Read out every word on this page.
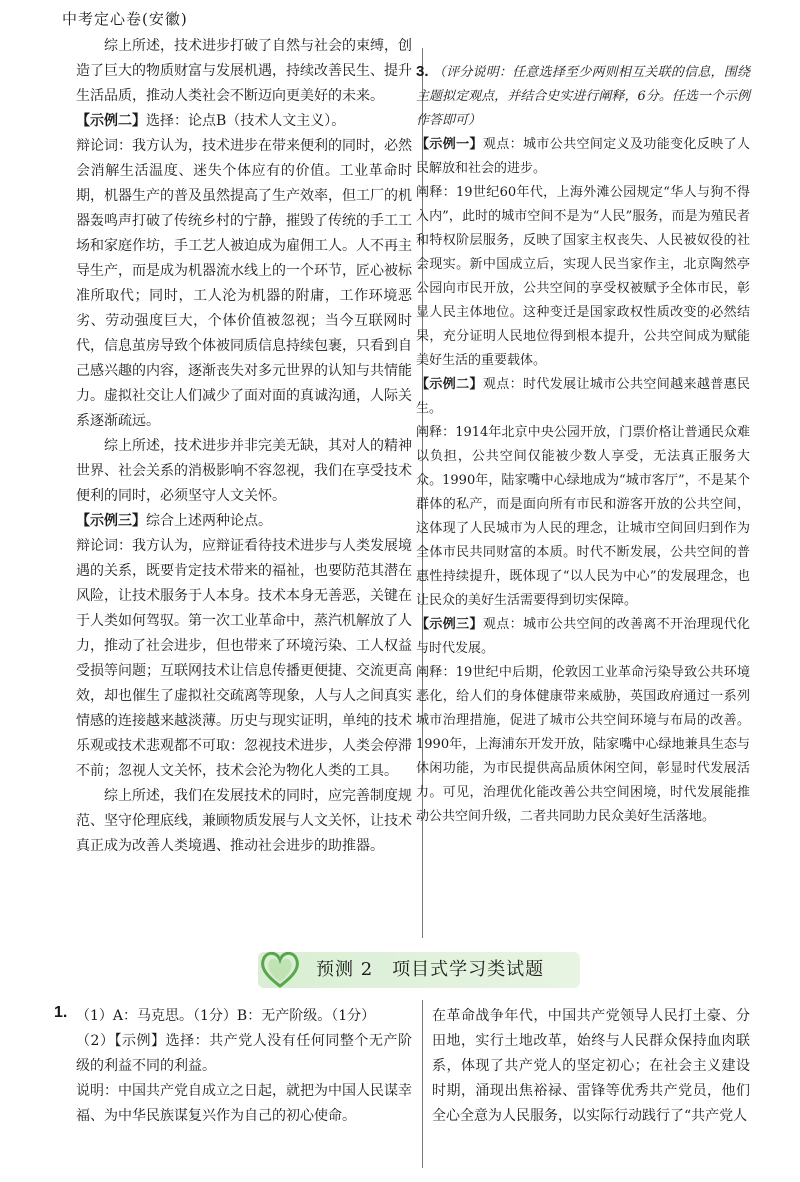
中考定心卷(安徽)

综上所述，技术进步打破了自然与社会的束缚，创造了巨大的物质财富与发展机遇，持续改善民生、提升生活品质，推动人类社会不断迈向更美好的未来。

【示例二】选择：论点B（技术人文主义）。

辩论词：我方认为，技术进步在带来便利的同时，必然会消解生活温度、迷失个体应有的价值。工业革命时期，机器生产的普及虽然提高了生产效率，但工厂的机器轰鸣声打破了传统乡村的宁静，摧毁了传统的手工工场和家庭作坊，手工艺人被迫成为雇佣工人。人不再主导生产，而是成为机器流水线上的一个环节，匠心被标准所取代；同时，工人沦为机器的附庸，工作环境恶劣、劳动强度巨大，个体价值被忽视；当今互联网时代，信息茧房导致个体被同质信息持续包裹，只看到自己感兴趣的内容，逐渐丧失对多元世界的认知与共情能力。虚拟社交让人们减少了面对面的真诚沟通，人际关系逐渐疏远。

综上所述，技术进步并非完美无缺，其对人的精神世界、社会关系的消极影响不容忽视，我们在享受技术便利的同时，必须坚守人文关怀。

【示例三】综合上述两种论点。

辩论词：我方认为，应辩证看待技术进步与人类发展境遇的关系，既要肯定技术带来的福祉，也要防范其潜在风险，让技术服务于人本身。技术本身无善恶，关键在于人类如何驾驭。第一次工业革命中，蒸汽机解放了人力，推动了社会进步，但也带来了环境污染、工人权益受损等问题；互联网技术让信息传播更便捷、交流更高效，却也催生了虚拟社交疏离等现象，人与人之间真实情感的连接越来越淡薄。历史与现实证明，单纯的技术乐观或技术悲观都不可取：忽视技术进步，人类会停滞不前；忽视人文关怀，技术会沦为物化人类的工具。

综上所述，我们在发展技术的同时，应完善制度规范、坚守伦理底线，兼顾物质发展与人文关怀，让技术真正成为改善人类境遇、推动社会进步的助推器。

3. （评分说明：任意选择至少两则相互关联的信息，围绕主题拟定观点，并结合史实进行阐释，6分。任选一个示例作答即可）

【示例一】观点：城市公共空间定义及功能变化反映了人民解放和社会的进步。

阐释：19世纪60年代，上海外滩公园规定“华人与狗不得入内”，此时的城市空间不是为“人民”服务，而是为殖民者和特权阶层服务，反映了国家主权丧失、人民被奴役的社会现实。新中国成立后，实现人民当家作主，北京陶然亭公园向市民开放，公共空间的享受权被赋予全体市民，彰显人民主体地位。这种变迁是国家政权性质改变的必然结果，充分证明人民地位得到根本提升，公共空间成为赋能美好生活的重要载体。

【示例二】观点：时代发展让城市公共空间越来越普惠民生。

阐释：1914年北京中央公园开放，门票价格让普通民众难以负担，公共空间仅能被少数人享受，无法真正服务大众。1990年，陆家嘴中心绿地成为“城市客厅”，不是某个群体的私产，而是面向所有市民和游客开放的公共空间，这体现了人民城市为人民的理念，让城市空间回归到作为全体市民共同财富的本质。时代不断发展，公共空间的普惠性持续提升，既体现了“以人民为中心”的发展理念，也让民众的美好生活需要得到切实保障。

【示例三】观点：城市公共空间的改善离不开治理现代化与时代发展。

阐释：19世纪中后期，伦敦因工业革命污染导致公共环境恶化，给人们的身体健康带来威胁，英国政府通过一系列城市治理措施，促进了城市公共空间环境与布局的改善。1990年，上海浦东开发开放，陆家嘴中心绿地兼具生态与休闲功能，为市民提供高品质休闲空间，彰显时代发展活力。可见，治理优化能改善公共空间困境，时代发展能推动公共空间升级，二者共同助力民众美好生活落地。

预测 2　项目式学习类试题
1. （1）A：马克思。（1分）B：无产阶级。（1分）

（2）【示例】选择：共产党人没有任何同整个无产阶级的利益不同的利益。

说明：中国共产党自成立之日起，就把为中国人民谋幸福、为中华民族谋复兴作为自己的初心使命。

在革命战争年代，中国共产党领导人民打土豪、分田地，实行土地改革，始终与人民群众保持血肉联系，体现了共产党人的坚定初心；在社会主义建设时期，涌现出焦裕禄、雷锋等优秀共产党员，他们全心全意为人民服务，以实际行动践行了“共产党人
